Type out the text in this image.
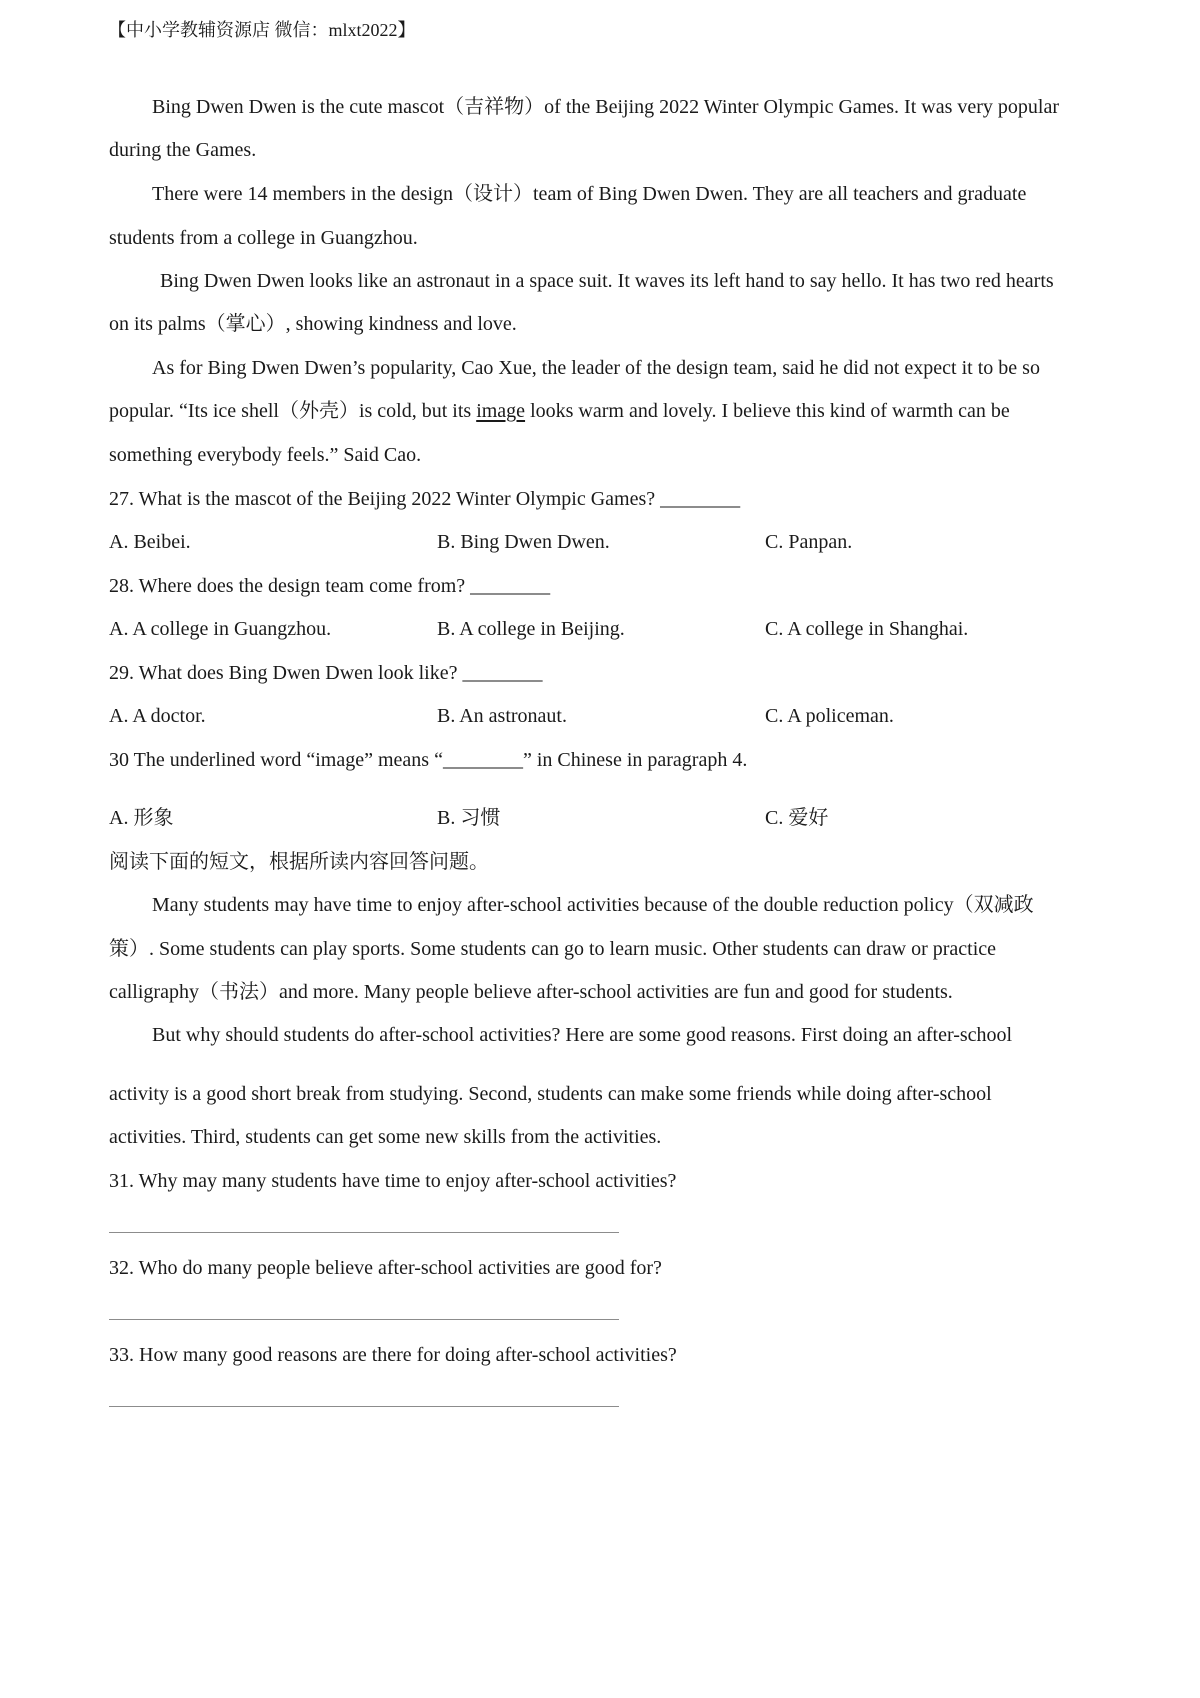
【中小学教辅资源店 微信：mlxt2022】
Bing Dwen Dwen is the cute mascot（吉祥物）of the Beijing 2022 Winter Olympic Games. It was very popular
during the Games.
There were 14 members in the design（设计）team of Bing Dwen Dwen. They are all teachers and graduate
students from a college in Guangzhou.
Bing Dwen Dwen looks like an astronaut in a space suit. It waves its left hand to say hello. It has two red hearts
on its palms（掌心）, showing kindness and love.
As for Bing Dwen Dwen’s popularity, Cao Xue, the leader of the design team, said he did not expect it to be so
popular. “Its ice shell（外壳）is cold, but its image looks warm and lovely. I believe this kind of warmth can be
something everybody feels.” Said Cao.
27. What is the mascot of the Beijing 2022 Winter Olympic Games? ________
A. Beibei.	B. Bing Dwen Dwen.	C. Panpan.
28. Where does the design team come from? ________
A. A college in Guangzhou.	B. A college in Beijing.	C. A college in Shanghai.
29. What does Bing Dwen Dwen look like? ________
A. A doctor.	B. An astronaut.	C. A policeman.
30 The underlined word “image” means “________” in Chinese in paragraph 4.
A. 形象	B. 习惯	C. 爱好
阅读下面的短文，根据所读内容回答问题。
Many students may have time to enjoy after-school activities because of the double reduction policy（双减政
策）. Some students can play sports. Some students can go to learn music. Other students can draw or practice
calligraphy（书法）and more. Many people believe after-school activities are fun and good for students.
But why should students do after-school activities? Here are some good reasons. First doing an after-school
activity is a good short break from studying. Second, students can make some friends while doing after-school
activities. Third, students can get some new skills from the activities.
31. Why may many students have time to enjoy after-school activities?
32. Who do many people believe after-school activities are good for?
33. How many good reasons are there for doing after-school activities?
